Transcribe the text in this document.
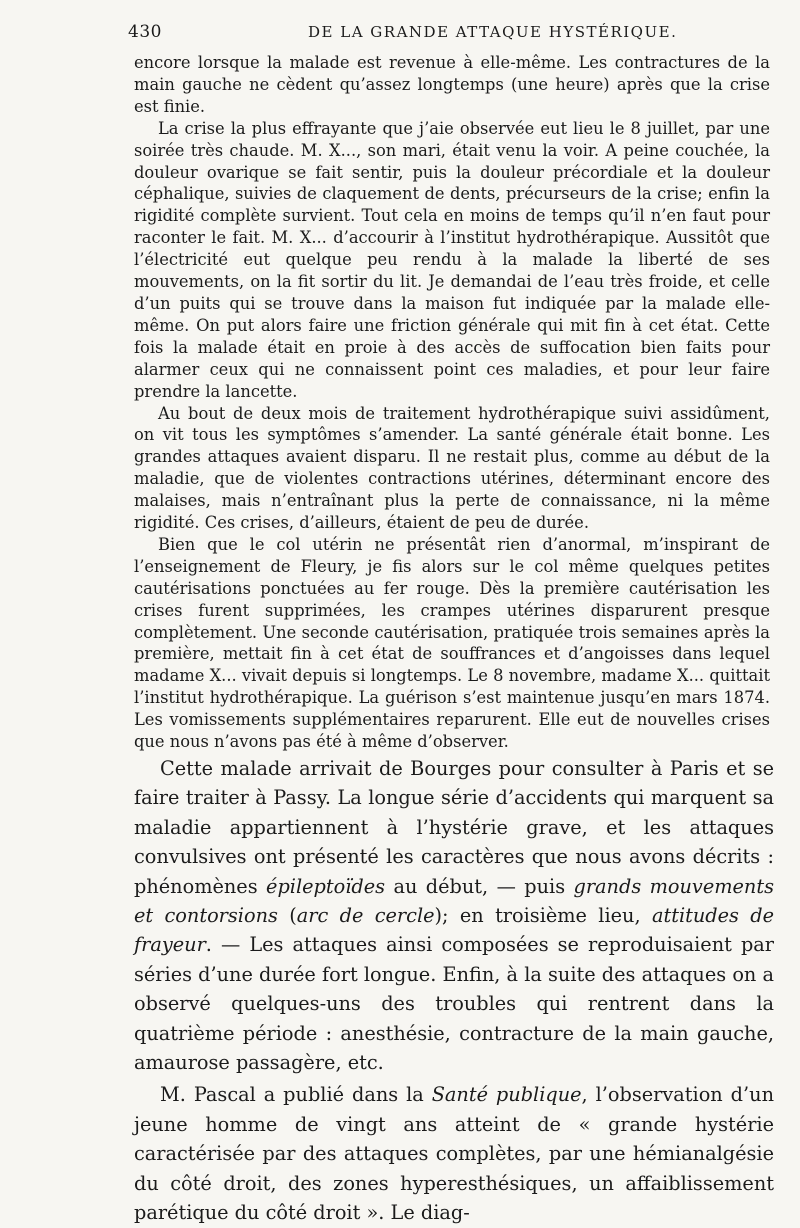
430	DE LA GRANDE ATTAQUE HYSTÉRIQUE.

encore lorsque la malade est revenue à elle-même. Les contractures de la main gauche ne cèdent qu’assez longtemps (une heure) après que la crise est finie.

La crise la plus effrayante que j’aie observée eut lieu le 8 juillet, par une soirée très chaude. M. X..., son mari, était venu la voir. A peine couchée, la douleur ovarique se fait sentir, puis la douleur précordiale et la douleur céphalique, suivies de claquement de dents, précurseurs de la crise; enfin la rigidité complète survient. Tout cela en moins de temps qu’il n’en faut pour raconter le fait. M. X... d’accourir à l’institut hydrothérapique. Aussitôt que l’électricité eut quelque peu rendu à la malade la liberté de ses mouvements, on la fit sortir du lit. Je demandai de l’eau très froide, et celle d’un puits qui se trouve dans la maison fut indiquée par la malade elle-même. On put alors faire une friction générale qui mit fin à cet état. Cette fois la malade était en proie à des accès de suffocation bien faits pour alarmer ceux qui ne connaissent point ces maladies, et pour leur faire prendre la lancette.

Au bout de deux mois de traitement hydrothérapique suivi assidûment, on vit tous les symptômes s’amender. La santé générale était bonne. Les grandes attaques avaient disparu. Il ne restait plus, comme au début de la maladie, que de violentes contractions utérines, déterminant encore des malaises, mais n’entraînant plus la perte de connaissance, ni la même rigidité. Ces crises, d’ailleurs, étaient de peu de durée.

Bien que le col utérin ne présentât rien d’anormal, m’inspirant de l’enseignement de Fleury, je fis alors sur le col même quelques petites cautérisations ponctuées au fer rouge. Dès la première cautérisation les crises furent supprimées, les crampes utérines disparurent presque complètement. Une seconde cautérisation, pratiquée trois semaines après la première, mettait fin à cet état de souffrances et d’angoisses dans lequel madame X... vivait depuis si longtemps. Le 8 novembre, madame X... quittait l’institut hydrothérapique. La guérison s’est maintenue jusqu’en mars 1874. Les vomissements supplémentaires reparurent. Elle eut de nouvelles crises que nous n’avons pas été à même d’observer.

Cette malade arrivait de Bourges pour consulter à Paris et se faire traiter à Passy. La longue série d’accidents qui marquent sa maladie appartiennent à l’hystérie grave, et les attaques convulsives ont présenté les caractères que nous avons décrits : phénomènes épileptoïdes au début, — puis grands mouvements et contorsions (arc de cercle); en troisième lieu, attitudes de frayeur. — Les attaques ainsi composées se reproduisaient par séries d’une durée fort longue. Enfin, à la suite des attaques on a observé quelques-uns des troubles qui rentrent dans la quatrième période : anesthésie, contracture de la main gauche, amaurose passagère, etc.

M. Pascal a publié dans la Santé publique, l’observation d’un jeune homme de vingt ans atteint de « grande hystérie caractérisée par des attaques complètes, par une hémianalgésie du côté droit, des zones hyperesthésiques, un affaiblissement parétique du côté droit ». Le diag-
